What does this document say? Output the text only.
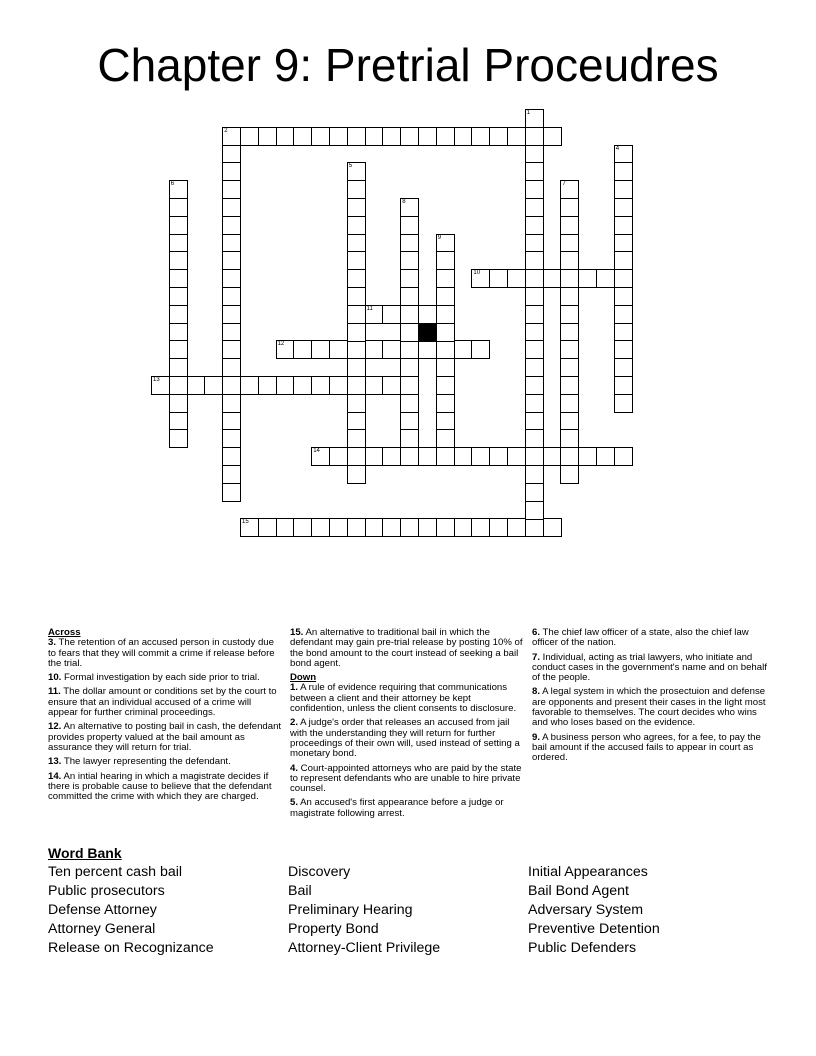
Chapter 9: Pretrial Proceudres
2
10
11
12
13
14
15
1
4
5
6	7
8
9

Across

3. The retention of an accused person in custody due to fears that they will commit a crime if release before the trial.

10. Formal investigation by each side prior to trial.

11. The dollar amount or conditions set by the court to ensure that an individual accused of a crime will appear for further criminal proceedings.

12. An alternative to posting bail in cash, the defendant provides property valued at the bail amount as assurance they will return for trial.

13. The lawyer representing the defendant.

14. An intial hearing in which a magistrate decides if there is probable cause to believe that the defendant committed the crime with which they are charged.

15. An alternative to traditional bail in which the defendant may gain pre-trial release by posting 10% of the bond amount to the court instead of seeking a bail bond agent.

Down

1. A rule of evidence requiring that communications between a client and their attorney be kept confidention, unless the client consents to disclosure.

2. A judge's order that releases an accused from jail with the understanding they will return for further proceedings of their own will, used instead of setting a monetary bond.

4. Court-appointed attorneys who are paid by the state to represent defendants who are unable to hire private counsel.

5. An accused's first appearance before a judge or magistrate following arrest.

6. The chief law officer of a state, also the chief law officer of the nation.

7. Individual, acting as trial lawyers, who initiate and conduct cases in the government's name and on behalf of the people.

8. A legal system in which the prosectuion and defense are opponents and present their cases in the light most favorable to themselves. The court decides who wins and who loses based on the evidence.

9. A business person who agrees, for a fee, to pay the bail amount if the accused fails to appear in court as ordered.

Word Bank
Ten percent cash bail
Public prosecutors
Defense Attorney
Attorney General
Release on Recognizance
Discovery
Bail
Preliminary Hearing
Property Bond
Attorney-Client Privilege
Initial Appearances
Bail Bond Agent
Adversary System
Preventive Detention
Public Defenders
